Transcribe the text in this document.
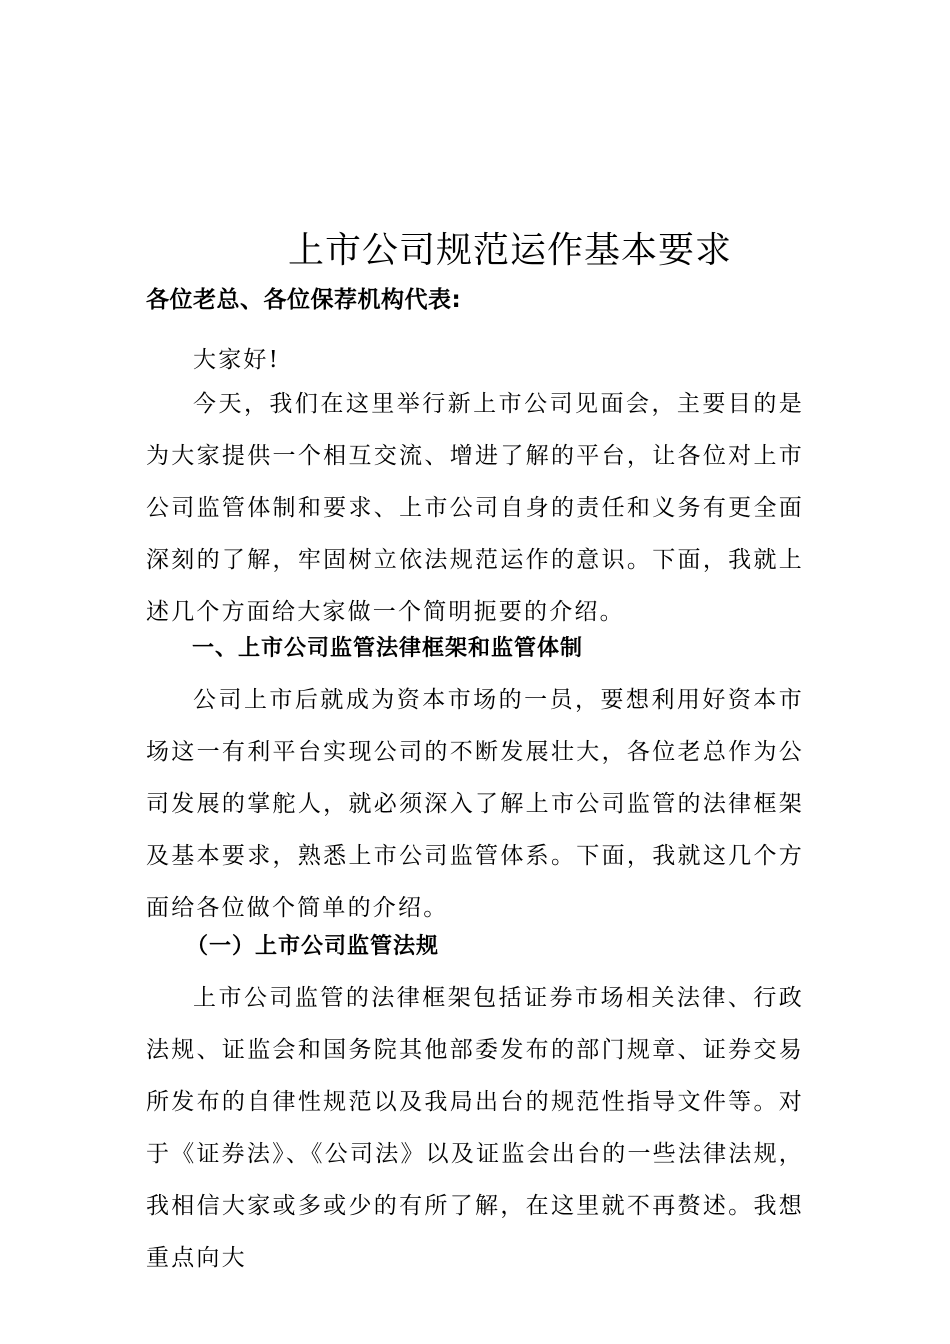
上市公司规范运作基本要求
各位老总、各位保荐机构代表:

大家好!

今天，我们在这里举行新上市公司见面会，主要目的是为大家提供一个相互交流、增进了解的平台，让各位对上市公司监管体制和要求、上市公司自身的责任和义务有更全面深刻的了解，牢固树立依法规范运作的意识。下面，我就上述几个方面给大家做一个简明扼要的介绍。

一、上市公司监管法律框架和监管体制

公司上市后就成为资本市场的一员，要想利用好资本市场这一有利平台实现公司的不断发展壮大，各位老总作为公司发展的掌舵人，就必须深入了解上市公司监管的法律框架及基本要求，熟悉上市公司监管体系。下面，我就这几个方面给各位做个简单的介绍。

（一）上市公司监管法规

上市公司监管的法律框架包括证券市场相关法律、行政法规、证监会和国务院其他部委发布的部门规章、证券交易所发布的自律性规范以及我局出台的规范性指导文件等。对于《证券法》、《公司法》以及证监会出台的一些法律法规，我相信大家或多或少的有所了解，在这里就不再赘述。我想重点向大
